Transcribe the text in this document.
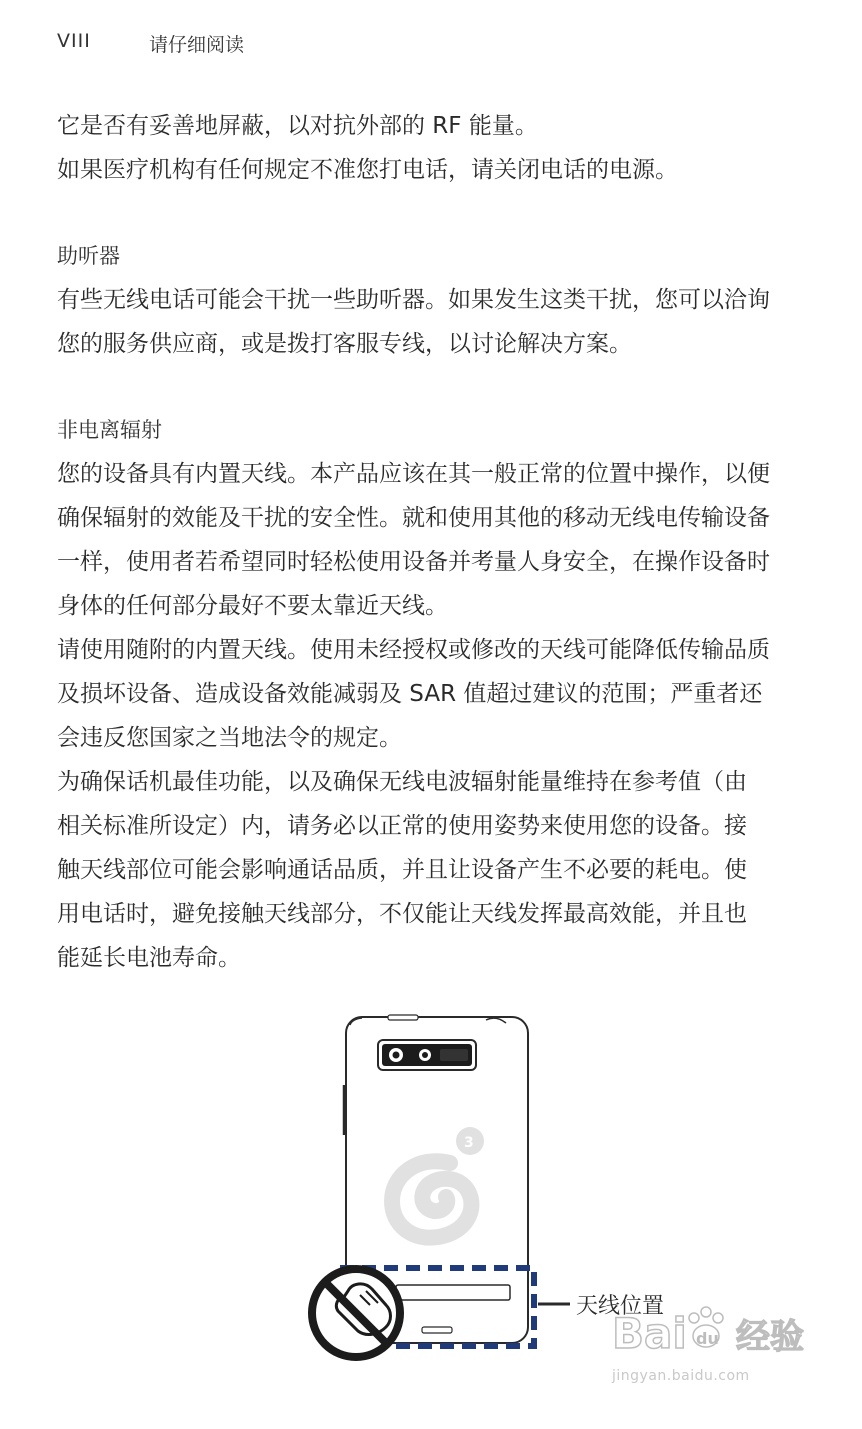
VIII	请仔细阅读
它是否有妥善地屏蔽，以对抗外部的 RF 能量。
如果医疗机构有任何规定不准您打电话，请关闭电话的电源。
助听器
有些无线电话可能会干扰一些助听器。如果发生这类干扰，您可以洽询
您的服务供应商，或是拨打客服专线，以讨论解决方案。
非电离辐射
您的设备具有内置天线。本产品应该在其一般正常的位置中操作，以便
确保辐射的效能及干扰的安全性。就和使用其他的移动无线电传输设备
一样，使用者若希望同时轻松使用设备并考量人身安全，在操作设备时
身体的任何部分最好不要太靠近天线。
请使用随附的内置天线。使用未经授权或修改的天线可能降低传输品质
及损坏设备、造成设备效能减弱及 SAR 值超过建议的范围；严重者还
会违反您国家之当地法令的规定。
为确保话机最佳功能，以及确保无线电波辐射能量维持在参考值（由
相关标准所设定）内，请务必以正常的使用姿势来使用您的设备。接
触天线部位可能会影响通话品质，并且让设备产生不必要的耗电。使
用电话时，避免接触天线部分，不仅能让天线发挥最高效能，并且也
能延长电池寿命。
3
天线位置
Bai du 经验
jingyan.baidu.com
